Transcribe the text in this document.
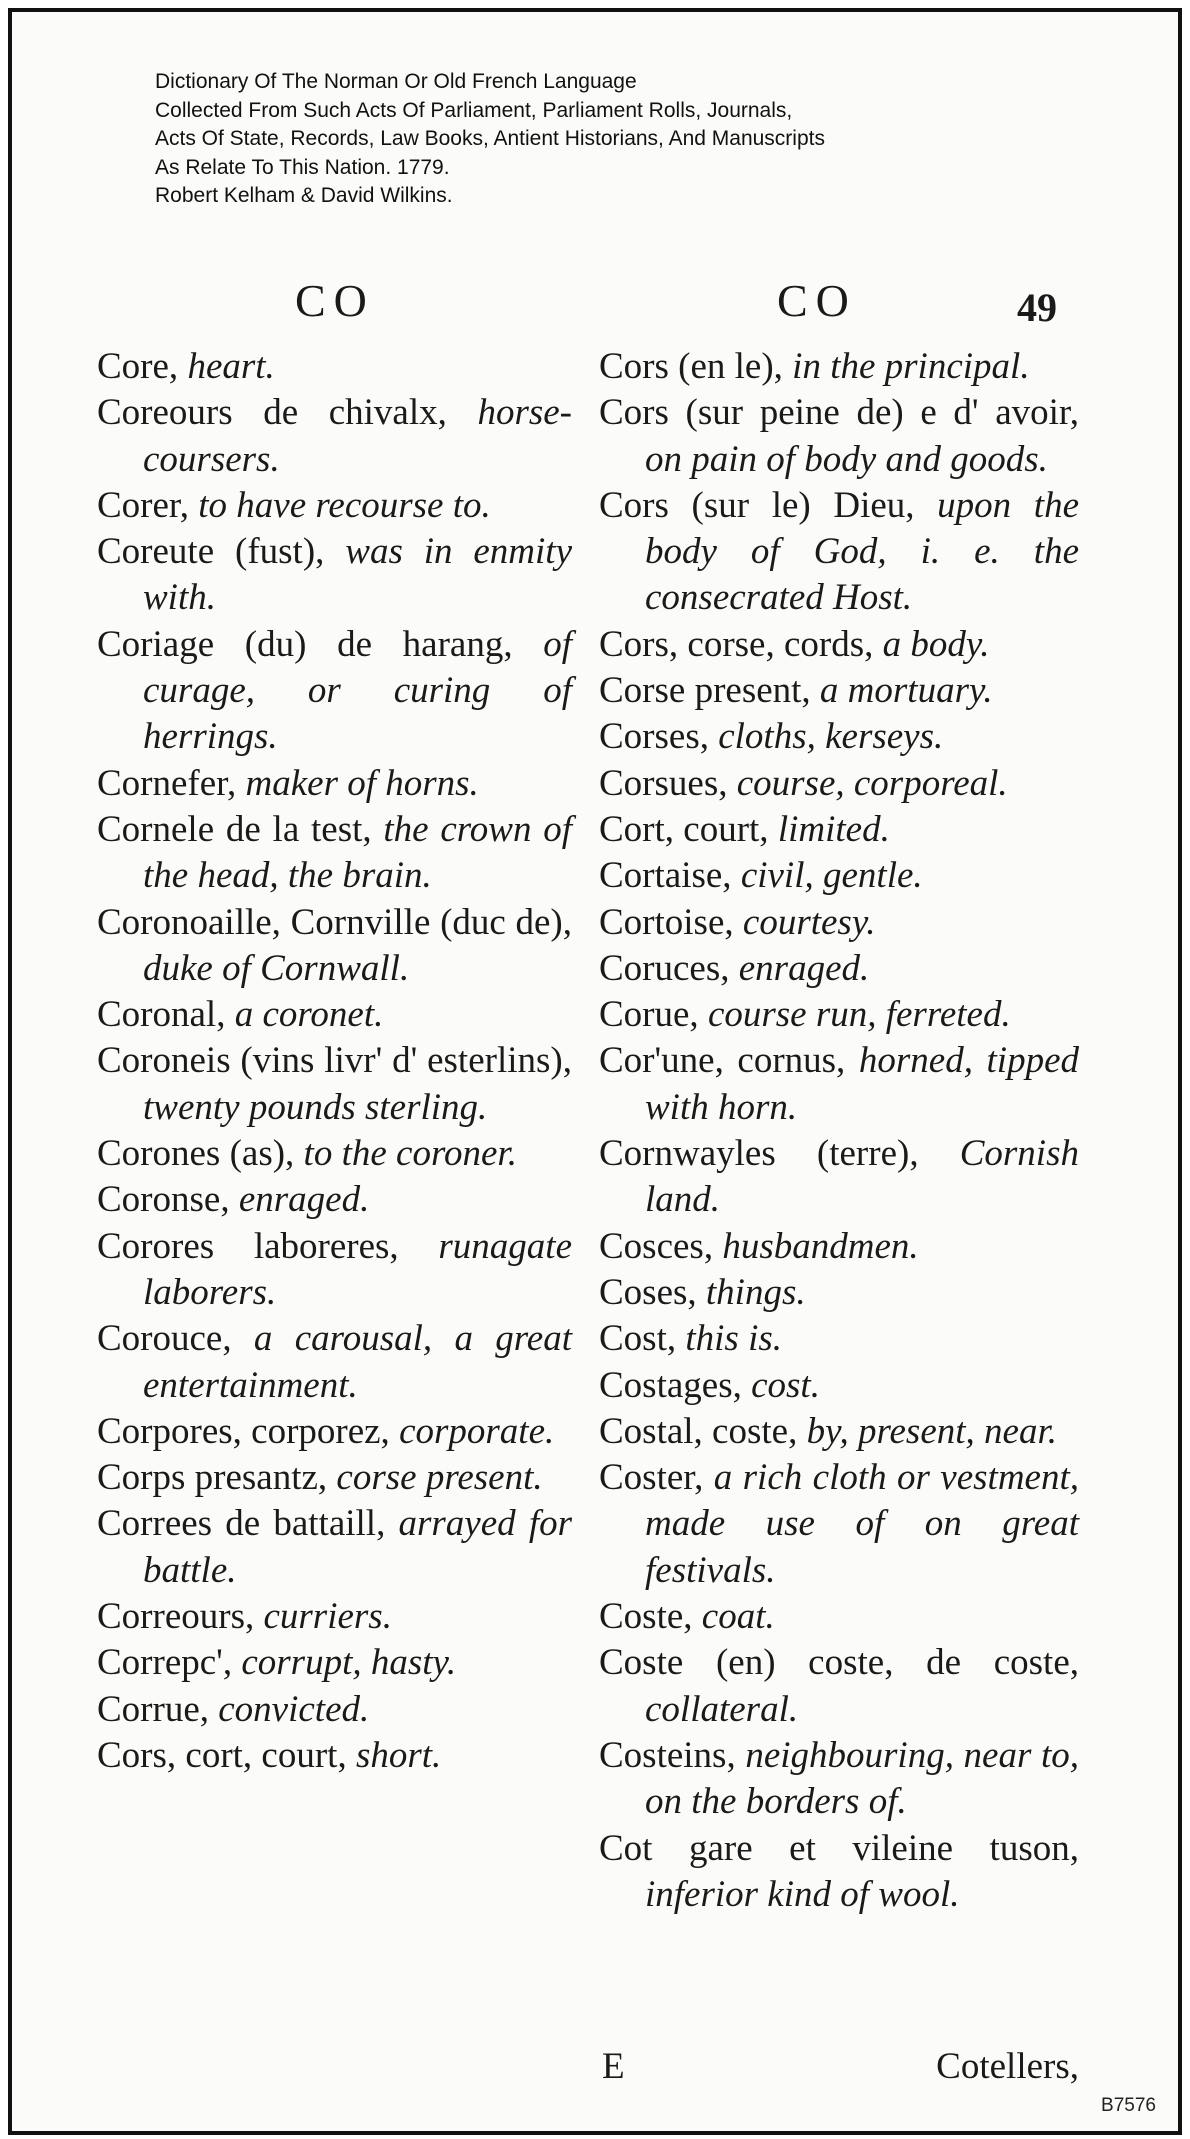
Dictionary Of The Norman Or Old French Language
Collected From Such Acts Of Parliament, Parliament Rolls, Journals,
Acts Of State, Records, Law Books, Antient Historians, And Manuscripts
As Relate To This Nation. 1779.
Robert Kelham & David Wilkins.
CO	CO	49

Core, heart.

Coreours de chivalx, horse-coursers.

Corer, to have recourse to.

Coreute (fust), was in enmity with.

Coriage (du) de harang, of curage, or curing of herrings.

Cornefer, maker of horns.

Cornele de la test, the crown of the head, the brain.

Coronoaille, Cornville (duc de), duke of Cornwall.

Coronal, a coronet.

Coroneis (vins livr' d' esterlins), twenty pounds sterling.

Corones (as), to the coroner.

Coronse, enraged.

Corores laboreres, runagate laborers.

Corouce, a carousal, a great entertainment.

Corpores, corporez, corporate.

Corps presantz, corse present.

Correes de battaill, arrayed for battle.

Correours, curriers.

Correpc', corrupt, hasty.

Corrue, convicted.

Cors, cort, court, short.

Cors (en le), in the principal.

Cors (sur peine de) e d' avoir, on pain of body and goods.

Cors (sur le) Dieu, upon the body of God, i. e. the consecrated Host.

Cors, corse, cords, a body.

Corse present, a mortuary.

Corses, cloths, kerseys.

Corsues, course, corporeal.

Cort, court, limited.

Cortaise, civil, gentle.

Cortoise, courtesy.

Coruces, enraged.

Corue, course run, ferreted.

Cor'une, cornus, horned, tipped with horn.

Cornwayles (terre), Cornish land.

Cosces, husbandmen.

Coses, things.

Cost, this is.

Costages, cost.

Costal, coste, by, present, near.

Coster, a rich cloth or vestment, made use of on great festivals.

Coste, coat.

Coste (en) coste, de coste, collateral.

Costeins, neighbouring, near to, on the borders of.

Cot gare et vileine tuson, inferior kind of wool.

E	Cotellers,
B7576
